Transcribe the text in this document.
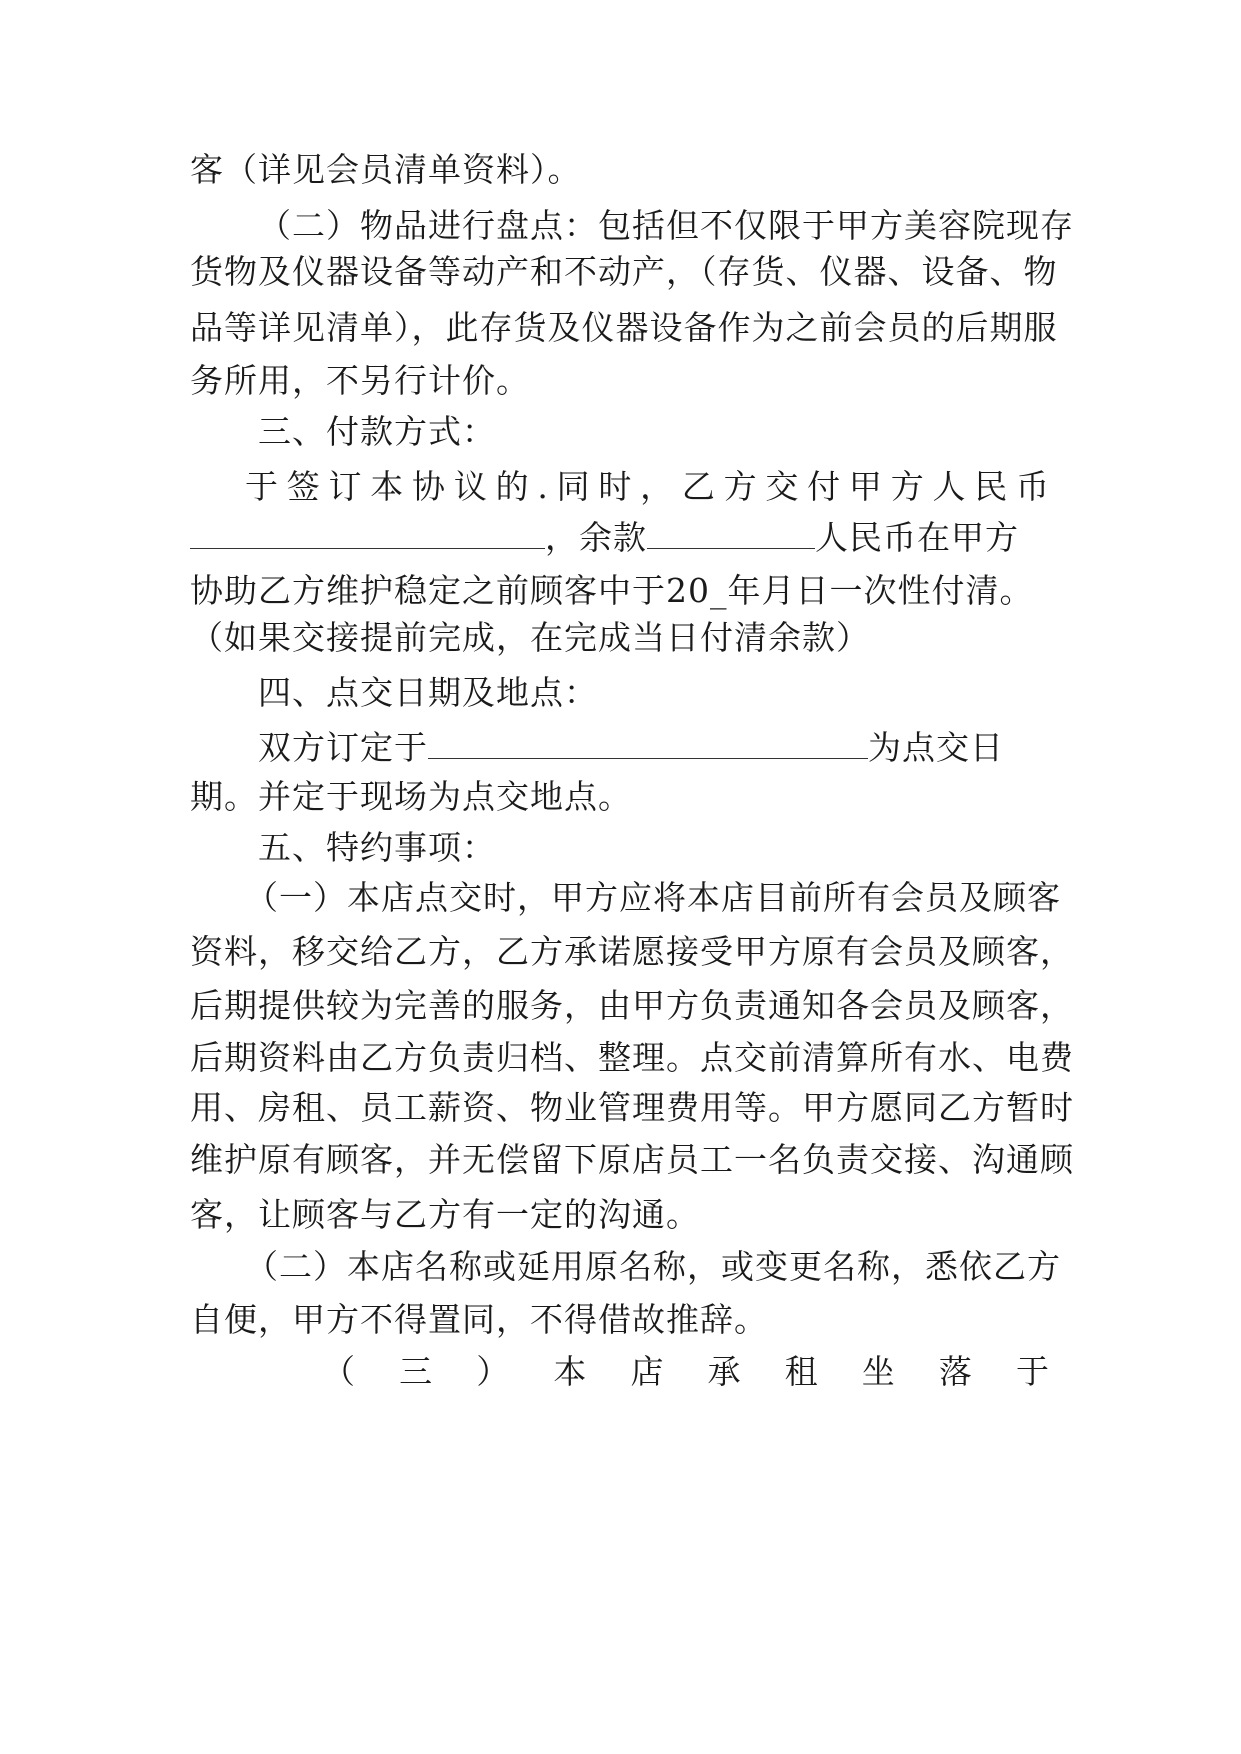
客（详见会员清单资料）。
（二）物品进行盘点：包括但不仅限于甲方美容院现存
货物及仪器设备等动产和不动产，（存货、仪器、设备、物
品等详见清单），此存货及仪器设备作为之前会员的后期服
务所用，不另行计价。
三、付款方式：
于签订本协议的.同时，乙方交付甲方人民币
，余款	人民币在甲方
协助乙方维护稳定之前顾客中于20_年月日一次性付清。
（如果交接提前完成，在完成当日付清余款）
四、点交日期及地点：
双方订定于	为点交日
期。并定于现场为点交地点。
五、特约事项：
（一）本店点交时，甲方应将本店目前所有会员及顾客
资料，移交给乙方，乙方承诺愿接受甲方原有会员及顾客，
后期提供较为完善的服务，由甲方负责通知各会员及顾客，
后期资料由乙方负责归档、整理。点交前清算所有水、电费
用、房租、员工薪资、物业管理费用等。甲方愿同乙方暂时
维护原有顾客，并无偿留下原店员工一名负责交接、沟通顾
客，让顾客与乙方有一定的沟通。
（二）本店名称或延用原名称，或变更名称，悉依乙方
自便，甲方不得置同，不得借故推辞。
（ 三 ） 本 店 承 租 坐 落 于
